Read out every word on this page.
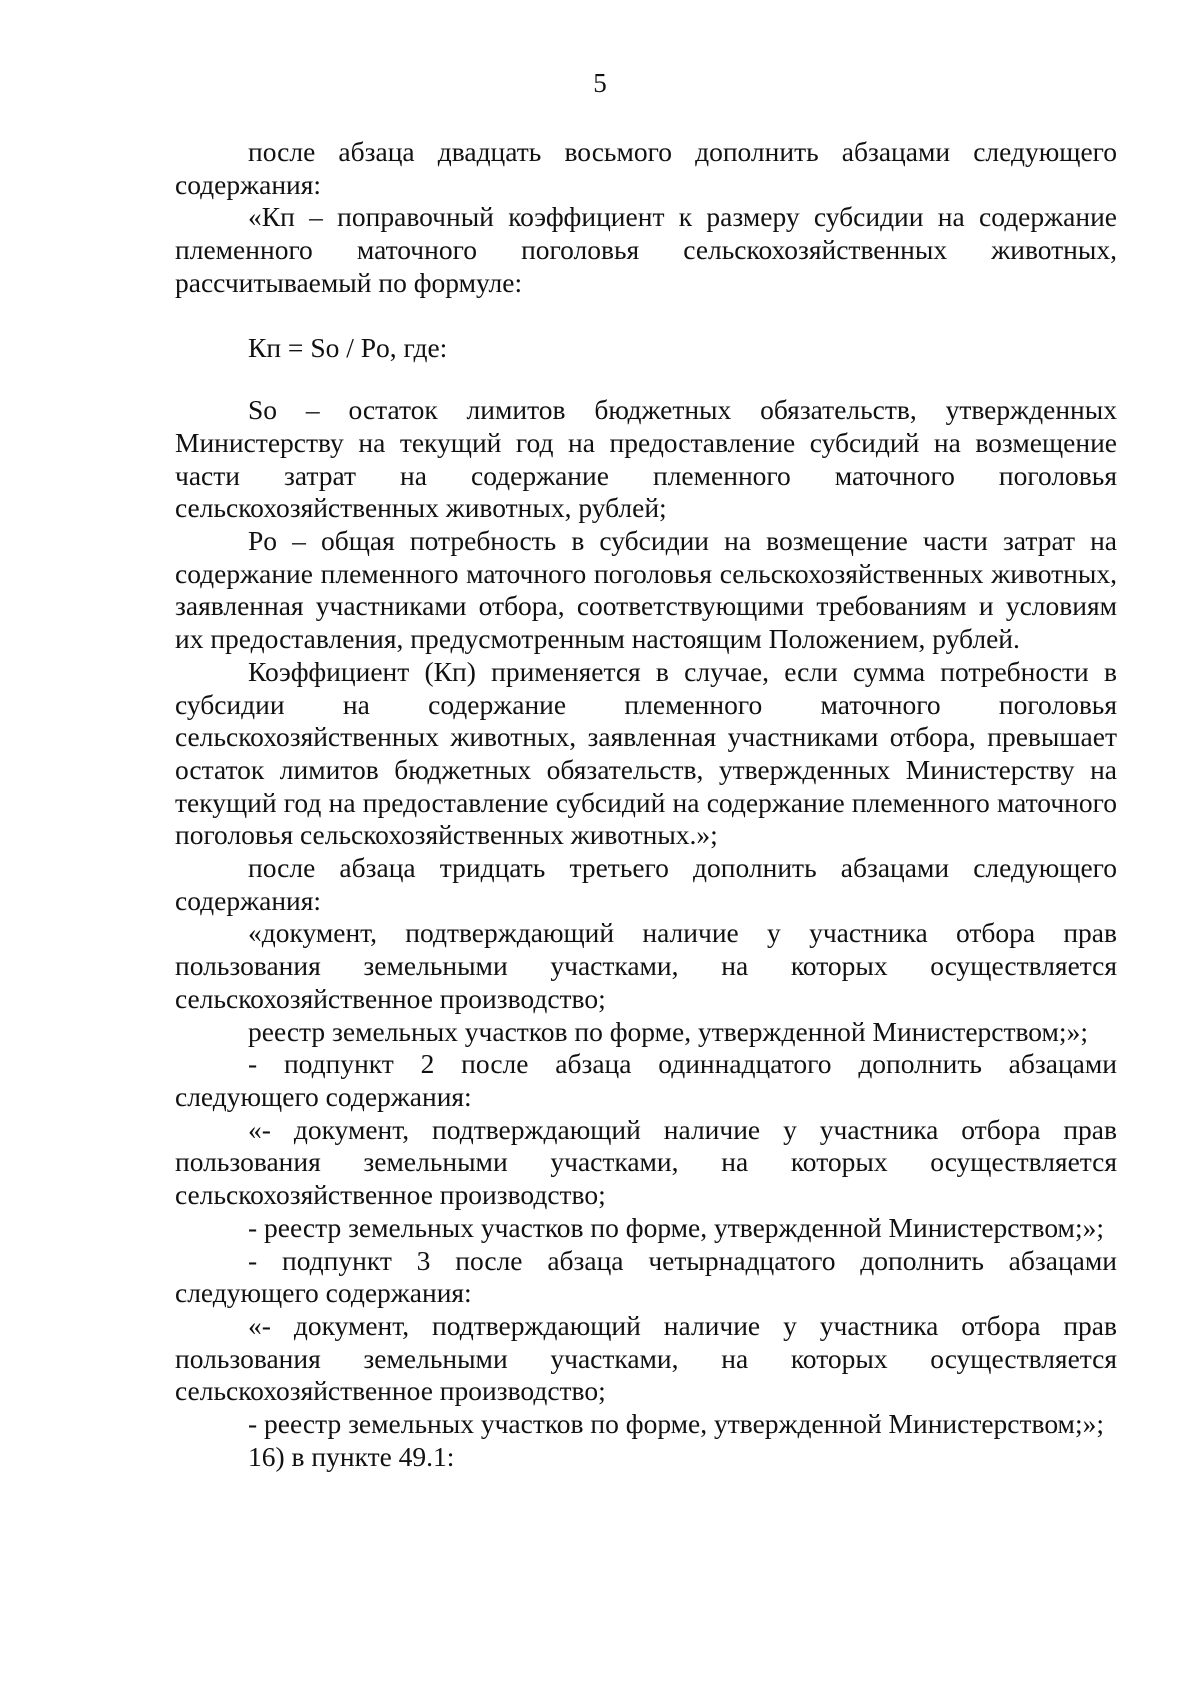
5

после абзаца двадцать восьмого дополнить абзацами следующего содержания:

«Кп – поправочный коэффициент к размеру субсидии на содержание племенного маточного поголовья сельскохозяйственных животных, рассчитываемый по формуле:

Кп = So / Po, где:

So – остаток лимитов бюджетных обязательств, утвержденных Министерству на текущий год на предоставление субсидий на возмещение части затрат на содержание племенного маточного поголовья сельскохозяйственных животных, рублей;

Po – общая потребность в субсидии на возмещение части затрат на содержание племенного маточного поголовья сельскохозяйственных животных, заявленная участниками отбора, соответствующими требованиям и условиям их предоставления, предусмотренным настоящим Положением, рублей.

Коэффициент (Кп) применяется в случае, если сумма потребности в субсидии на содержание племенного маточного поголовья сельскохозяйственных животных, заявленная участниками отбора, превышает остаток лимитов бюджетных обязательств, утвержденных Министерству на текущий год на предоставление субсидий на содержание племенного маточного поголовья сельскохозяйственных животных.»;

после абзаца тридцать третьего дополнить абзацами следующего содержания:

«документ, подтверждающий наличие у участника отбора прав пользования земельными участками, на которых осуществляется сельскохозяйственное производство;

реестр земельных участков по форме, утвержденной Министерством;»;

- подпункт 2 после абзаца одиннадцатого дополнить абзацами следующего содержания:

«- документ, подтверждающий наличие у участника отбора прав пользования земельными участками, на которых осуществляется сельскохозяйственное производство;

- реестр земельных участков по форме, утвержденной Министерством;»;

- подпункт 3 после абзаца четырнадцатого дополнить абзацами следующего содержания:

«- документ, подтверждающий наличие у участника отбора прав пользования земельными участками, на которых осуществляется сельскохозяйственное производство;

- реестр земельных участков по форме, утвержденной Министерством;»;

16) в пункте 49.1:
